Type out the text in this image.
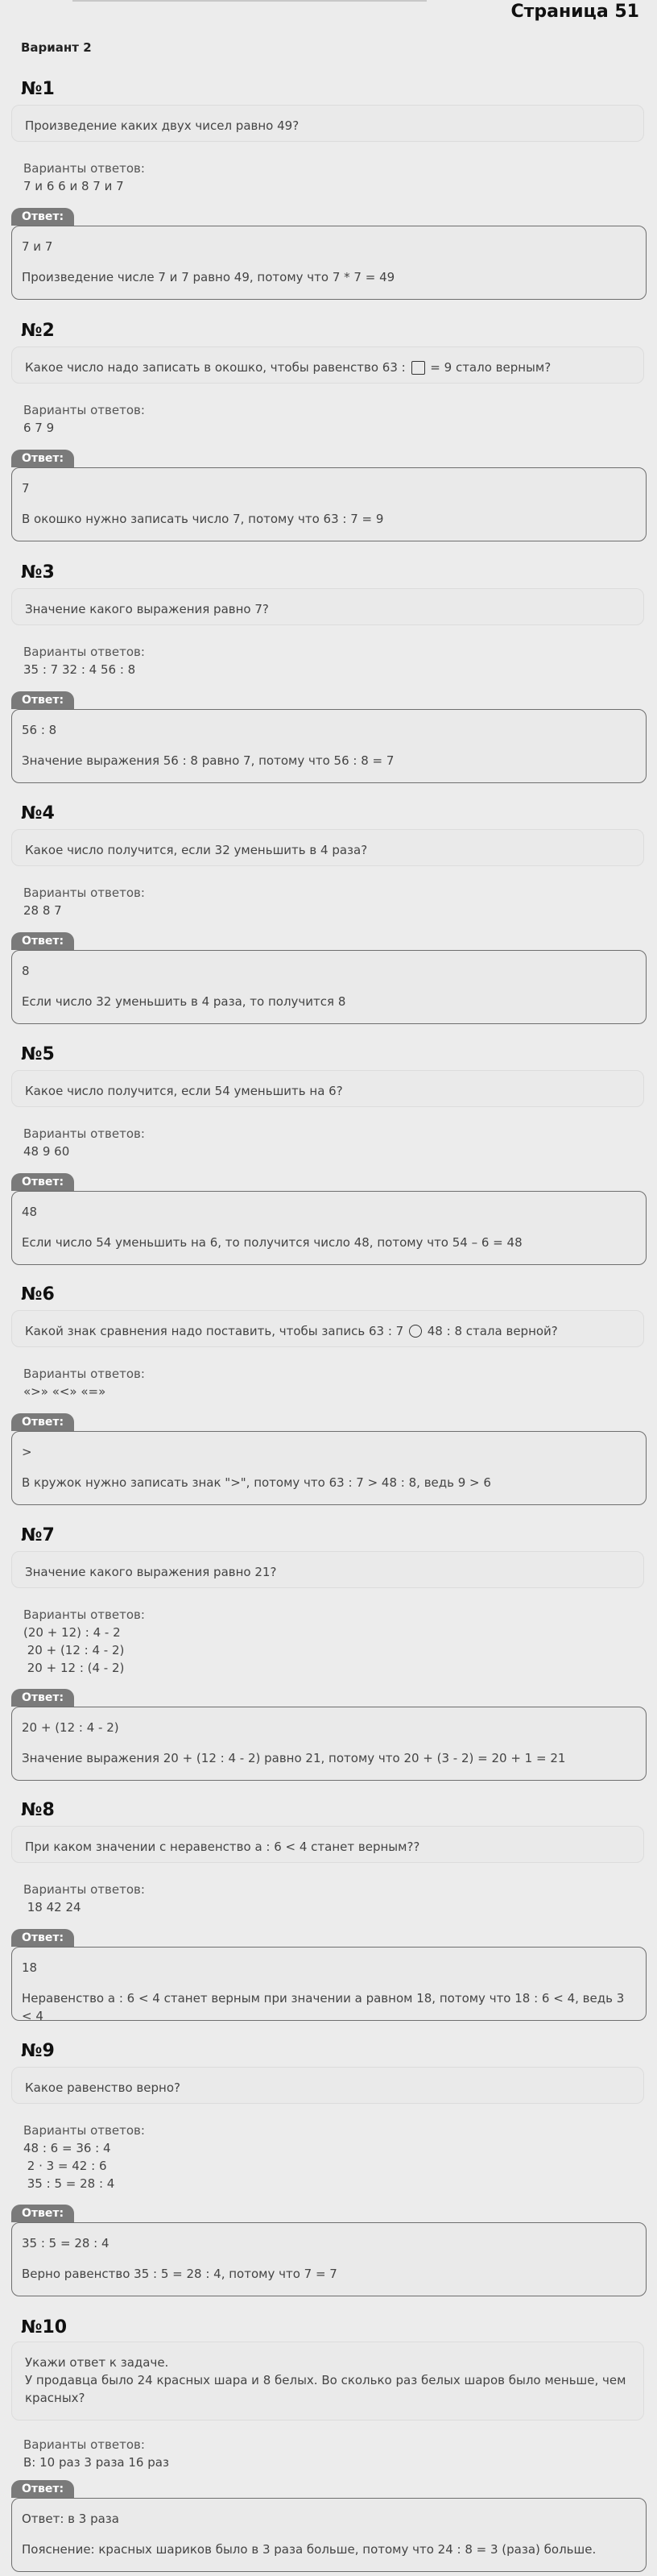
Страница 51
Вариант 2
№1
Произведение каких двух чисел равно 49?
Варианты ответов:
7 и 6 6 и 8 7 и 7
Ответ:
7 и 7
Произведение числе 7 и 7 равно 49, потому что 7 * 7 = 49
№2
Какое число надо записать в окошко, чтобы равенство 63 : = 9 стало верным?
Варианты ответов:
6 7 9
Ответ:
7
В окошко нужно записать число 7, потому что 63 : 7 = 9
№3
Значение какого выражения равно 7?
Варианты ответов:
35 : 7 32 : 4 56 : 8
Ответ:
56 : 8
Значение выражения 56 : 8 равно 7, потому что 56 : 8 = 7
№4
Какое число получится, если 32 уменьшить в 4 раза?
Варианты ответов:
28 8 7
Ответ:
8
Если число 32 уменьшить в 4 раза, то получится 8
№5
Какое число получится, если 54 уменьшить на 6?
Варианты ответов:
48 9 60
Ответ:
48
Если число 54 уменьшить на 6, то получится число 48, потому что 54 – 6 = 48
№6
Какой знак сравнения надо поставить, чтобы запись 63 : 7 48 : 8 стала верной?
Варианты ответов:
«>» «<» «=»
Ответ:
>
В кружок нужно записать знак ">", потому что 63 : 7 > 48 : 8, ведь 9 > 6
№7
Значение какого выражения равно 21?
Варианты ответов:
(20 + 12) : 4 - 2
20 + (12 : 4 - 2)
20 + 12 : (4 - 2)
Ответ:
20 + (12 : 4 - 2)
Значение выражения 20 + (12 : 4 - 2) равно 21, потому что 20 + (3 - 2) = 20 + 1 = 21
№8
При каком значении с неравенство a : 6 < 4 станет верным??
Варианты ответов:
18 42 24
Ответ:
18
Неравенство a : 6 < 4 станет верным при значении a равном 18, потому что 18 : 6 < 4, ведь 3 < 4
№9
Какое равенство верно?
Варианты ответов:
48 : 6 = 36 : 4
2 · 3 = 42 : 6
35 : 5 = 28 : 4
Ответ:
35 : 5 = 28 : 4
Верно равенство 35 : 5 = 28 : 4, потому что 7 = 7
№10
Укажи ответ к задаче.
У продавца было 24 красных шара и 8 белых. Во сколько раз белых шаров было меньше, чем красных?
Варианты ответов:
В: 10 раз 3 раза 16 раз
Ответ:
Ответ: в 3 раза
Пояснение: красных шариков было в 3 раза больше, потому что 24 : 8 = 3 (раза) больше.
